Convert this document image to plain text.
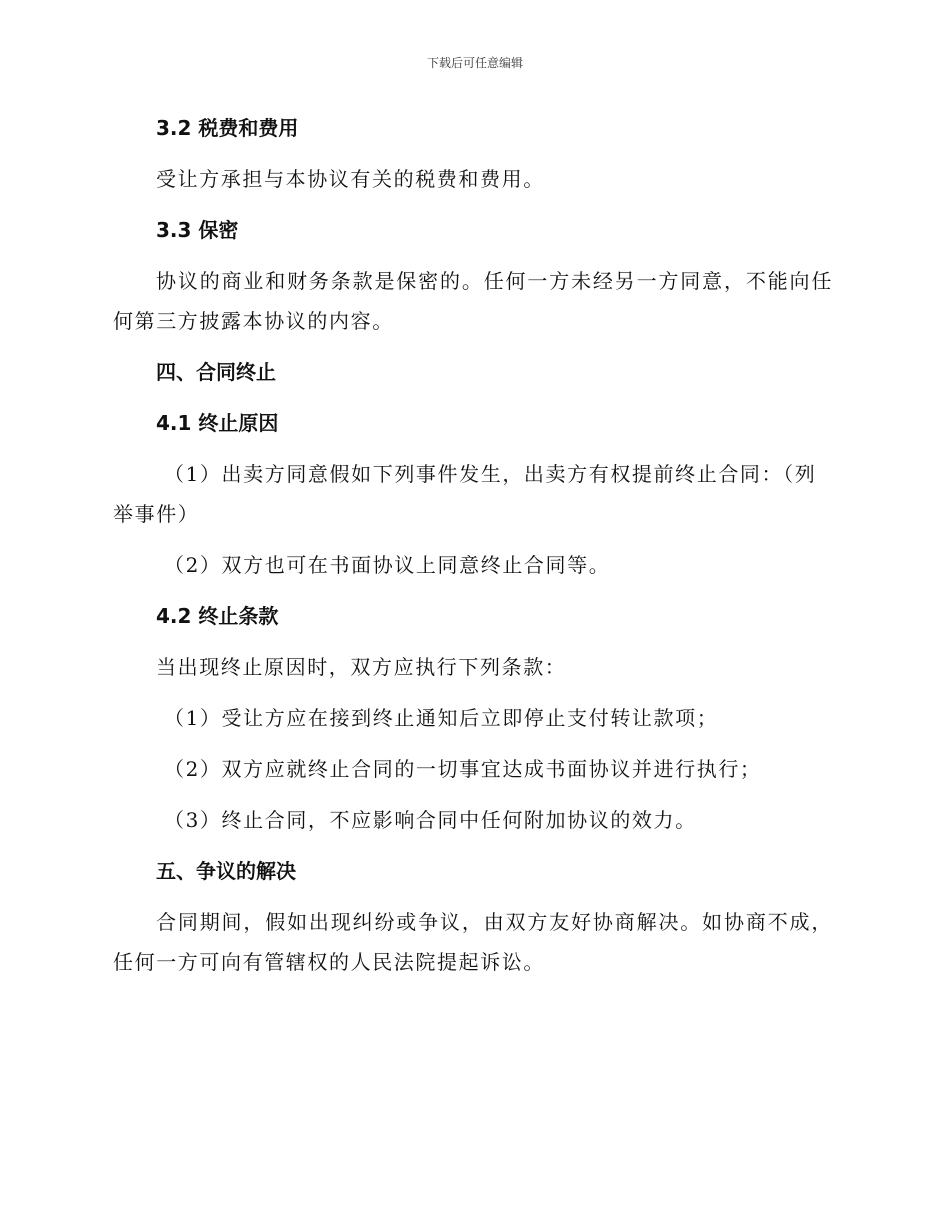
下载后可任意编辑
3.2 税费和费用

受让方承担与本协议有关的税费和费用。

3.3 保密

协议的商业和财务条款是保密的。任何一方未经另一方同意，不能向任何第三方披露本协议的内容。

四、合同终止
4.1 终止原因

（1）出卖方同意假如下列事件发生，出卖方有权提前终止合同：（列举事件）

（2）双方也可在书面协议上同意终止合同等。

4.2 终止条款

当出现终止原因时，双方应执行下列条款：

（1）受让方应在接到终止通知后立即停止支付转让款项；

（2）双方应就终止合同的一切事宜达成书面协议并进行执行；

（3）终止合同，不应影响合同中任何附加协议的效力。

五、争议的解决

合同期间，假如出现纠纷或争议，由双方友好协商解决。如协商不成，任何一方可向有管辖权的人民法院提起诉讼。
